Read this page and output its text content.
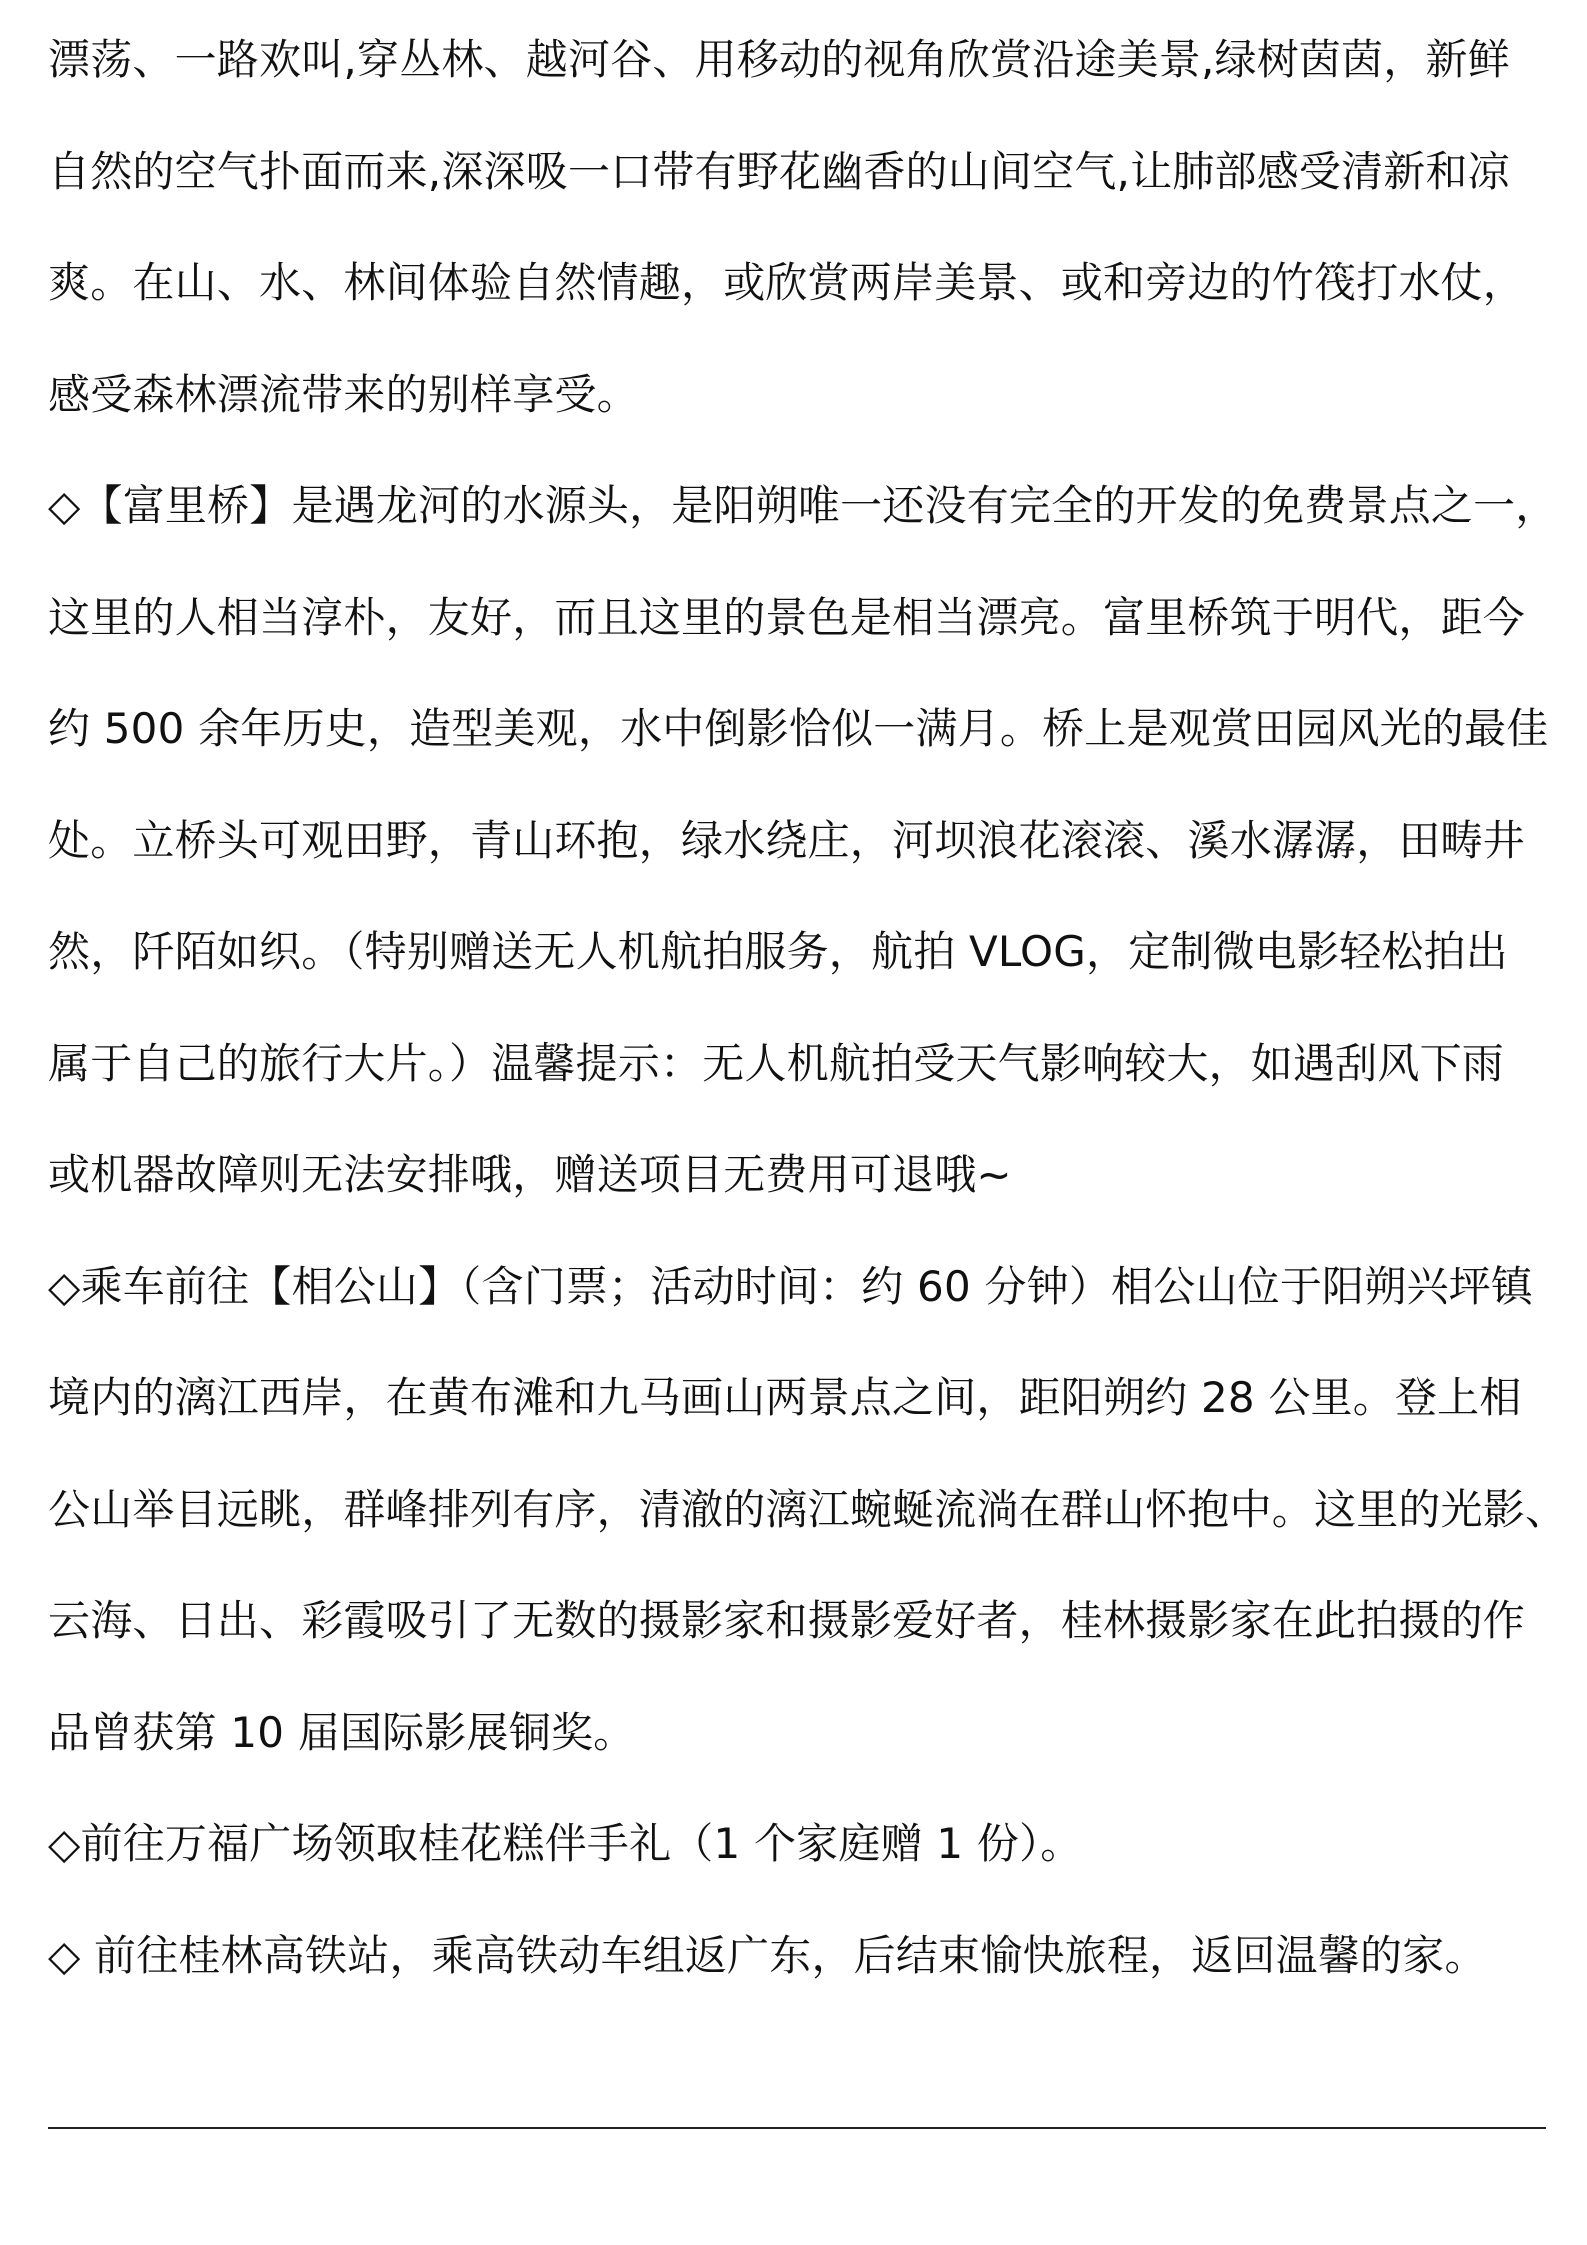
漂荡、一路欢叫,穿丛林、越河谷、用移动的视角欣赏沿途美景,绿树茵茵，新鲜
自然的空气扑面而来,深深吸一口带有野花幽香的山间空气,让肺部感受清新和凉
爽。在山、水、林间体验自然情趣，或欣赏两岸美景、或和旁边的竹筏打水仗，
感受森林漂流带来的别样享受。
◇【富里桥】是遇龙河的水源头，是阳朔唯一还没有完全的开发的免费景点之一，
这里的人相当淳朴，友好，而且这里的景色是相当漂亮。富里桥筑于明代，距今
约 500 余年历史，造型美观，水中倒影恰似一满月。桥上是观赏田园风光的最佳
处。立桥头可观田野，青山环抱，绿水绕庄，河坝浪花滚滚、溪水潺潺，田畴井
然，阡陌如织。（特别赠送无人机航拍服务，航拍 VLOG，定制微电影轻松拍出
属于自己的旅行大片。）温馨提示：无人机航拍受天气影响较大，如遇刮风下雨
或机器故障则无法安排哦，赠送项目无费用可退哦~
◇乘车前往【相公山】（含门票；活动时间：约 60 分钟）相公山位于阳朔兴坪镇
境内的漓江西岸，在黄布滩和九马画山两景点之间，距阳朔约 28 公里。登上相
公山举目远眺，群峰排列有序，清澈的漓江蜿蜒流淌在群山怀抱中。这里的光影、
云海、日出、彩霞吸引了无数的摄影家和摄影爱好者，桂林摄影家在此拍摄的作
品曾获第 10 届国际影展铜奖。
◇前往万福广场领取桂花糕伴手礼（1 个家庭赠 1 份）。
◇ 前往桂林高铁站，乘高铁动车组返广东，后结束愉快旅程，返回温馨的家。
